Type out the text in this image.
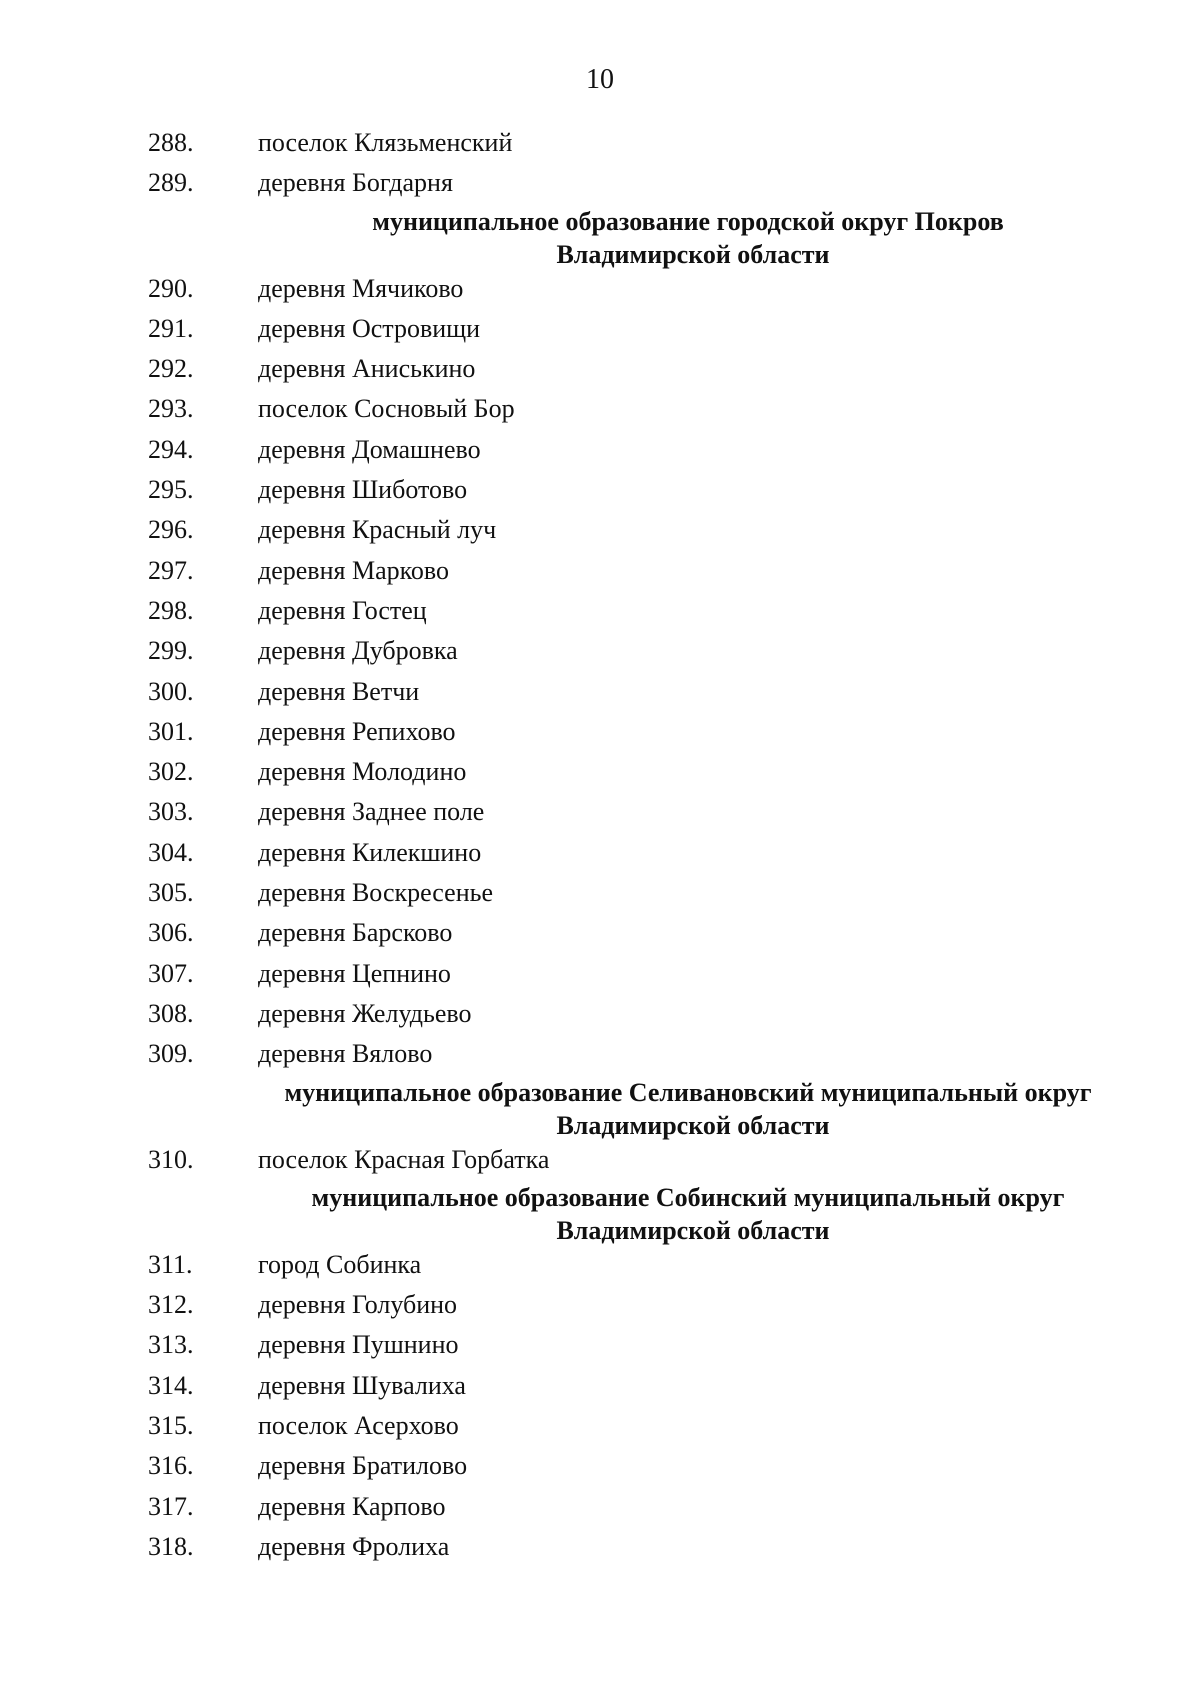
10
288.	поселок Клязьменский
289.	деревня Богдарня
муниципальное образование городской округ Покров
Владимирской области
290.	деревня Мячиково
291.	деревня Островищи
292.	деревня Аниськино
293.	поселок Сосновый Бор
294.	деревня Домашнево
295.	деревня Шиботово
296.	деревня Красный луч
297.	деревня Марково
298.	деревня Гостец
299.	деревня Дубровка
300.	деревня Ветчи
301.	деревня Репихово
302.	деревня Молодино
303.	деревня Заднее поле
304.	деревня Килекшино
305.	деревня Воскресенье
306.	деревня Барсково
307.	деревня Цепнино
308.	деревня Желудьево
309.	деревня Вялово
муниципальное образование Селивановский муниципальный округ
Владимирской области
310.	поселок Красная Горбатка
муниципальное образование Собинский муниципальный округ
Владимирской области
311.	город Собинка
312.	деревня Голубино
313.	деревня Пушнино
314.	деревня Шувалиха
315.	поселок Асерхово
316.	деревня Братилово
317.	деревня Карпово
318.	деревня Фролиха
